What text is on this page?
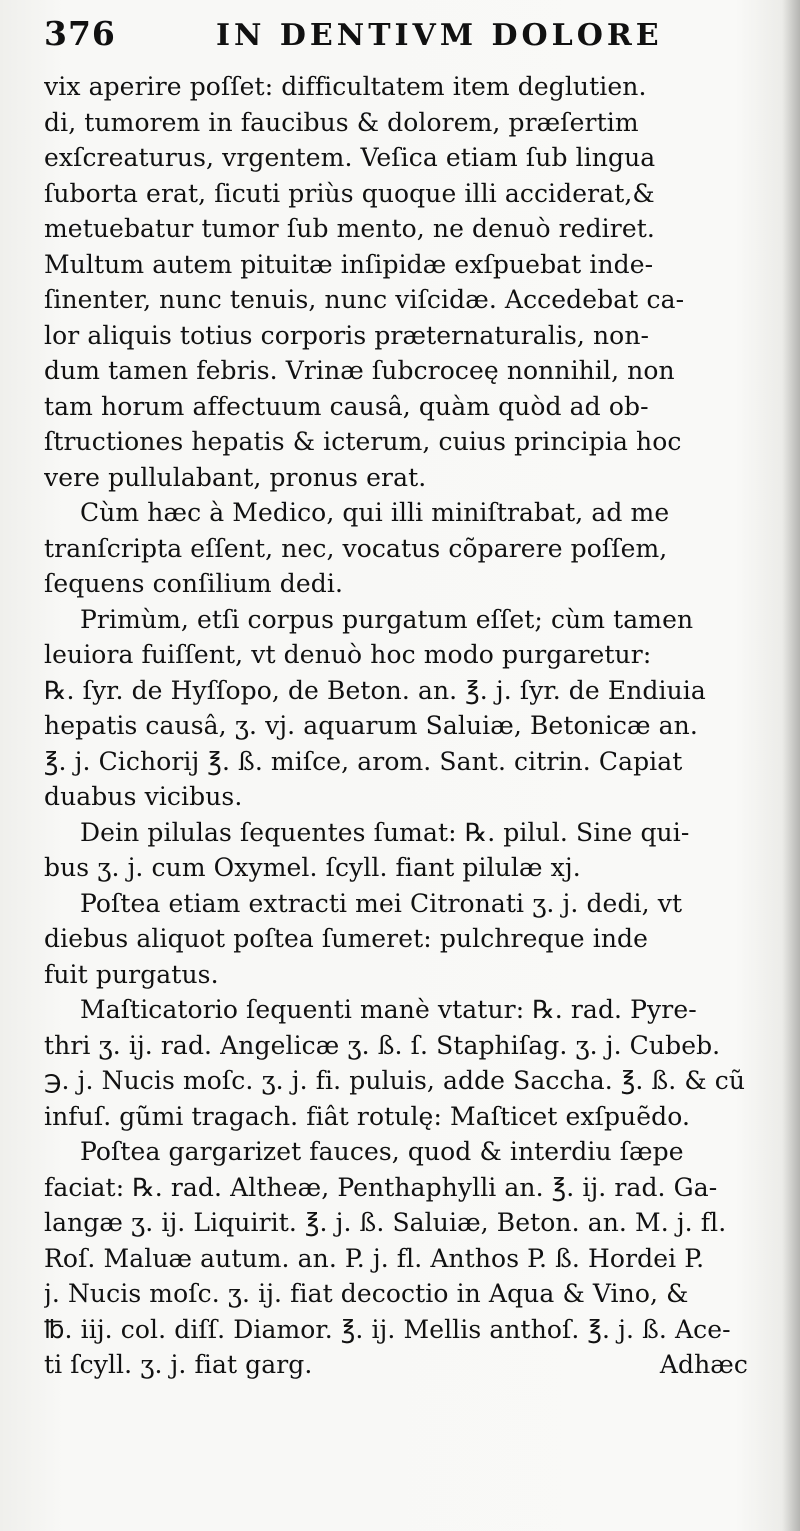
376	IN DENTIVM DOLORE
vix aperire poſſet: difficultatem item deglutien.
di, tumorem in faucibus & dolorem, præſertim
exſcreaturus, vrgentem. Veſica etiam ſub lingua
ſuborta erat, ſicuti priùs quoque illi acciderat,&
metuebatur tumor ſub mento, ne denuò rediret.
Multum autem pituitæ inſipidæ exſpuebat inde-
ſinenter, nunc tenuis, nunc viſcidæ. Accedebat ca-
lor aliquis totius corporis præternaturalis, non-
dum tamen febris. Vrinæ ſubcroceę nonnihil, non
tam horum affectuum causâ, quàm quòd ad ob-
ſtructiones hepatis & icterum, cuius principia hoc
vere pullulabant, pronus erat.
Cùm hæc à Medico, qui illi miniſtrabat, ad me
tranſcripta eſſent, nec, vocatus cõparere poſſem,
ſequens conſilium dedi.
Primùm, etſi corpus purgatum eſſet; cùm tamen
leuiora fuiſſent, vt denuò hoc modo purgaretur:
℞. ſyr. de Hyſſopo, de Beton. an. ℥. j. ſyr. de Endiuia
hepatis causâ, ʒ. vj. aquarum Saluiæ, Betonicæ an.
℥. j. Cichorij ℥. ß. miſce, arom. Sant. citrin. Capiat
duabus vicibus.
Dein pilulas ſequentes ſumat: ℞. pilul. Sine qui-
bus ʒ. j. cum Oxymel. ſcyll. fiant pilulæ xj.
Poſtea etiam extracti mei Citronati ʒ. j. dedi, vt
diebus aliquot poſtea ſumeret: pulchreque inde
fuit purgatus.
Maſticatorio ſequenti manè vtatur: ℞. rad. Pyre-
thri ʒ. ij. rad. Angelicæ ʒ. ß. ſ. Staphiſag. ʒ. j. Cubeb.
℈. j. Nucis moſc. ʒ. j. fi. puluis, adde Saccha. ℥. ß. & cũ
infuſ. gũmi tragach. fiât rotulę: Maſticet exſpuẽdo.
Poſtea gargarizet fauces, quod & interdiu ſæpe
faciat: ℞. rad. Altheæ, Penthaphylli an. ℥. ij. rad. Ga-
langæ ʒ. ij. Liquirit. ℥. j. ß. Saluiæ, Beton. an. M. j. fl.
Roſ. Maluæ autum. an. P. j. fl. Anthos P. ß. Hordei P.
j. Nucis moſc. ʒ. ij. fiat decoctio in Aqua & Vino, &
℔. iij. col. diſſ. Diamor. ℥. ij. Mellis anthoſ. ℥. j. ß. Ace-
ti ſcyll. ʒ. j. fiat garg.	Adhæc
